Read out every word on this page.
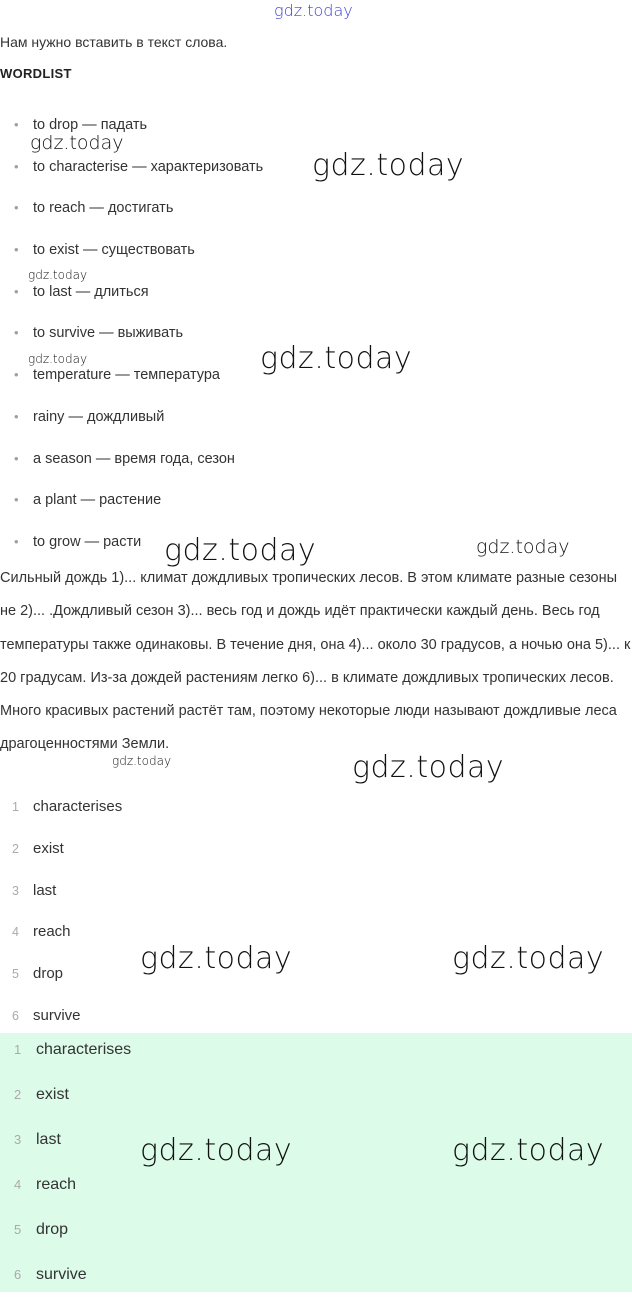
gdz.today
Нам нужно вставить в текст слова.
WORDLIST
• to drop — падать
• to characterise — характеризовать
• to reach — достигать
• to exist — существовать
• to last — длиться
• to survive — выживать
• temperature — температура
• rainy — дождливый
• a season — время года, сезон
• a plant — растение
• to grow — расти

Сильный дождь 1)... климат дождливых тропических лесов. В этом климате разные сезоны не 2)... .Дождливый сезон 3)... весь год и дождь идёт практически каждый день. Весь год температуры также одинаковы. В течение дня, она 4)... около 30 градусов, а ночью она 5)... к 20 градусам. Из-за дождей растениям легко 6)... в климате дождливых тропических лесов. Много красивых растений растёт там, поэтому некоторые люди называют дождливые леса драгоценностями Земли.

1 characterises
2 exist
3 last
4 reach
5 drop
6 survive
1 characterises
2 exist
3 last
4 reach
5 drop
6 survive
gdz.today
gdz.today
gdz.today
gdz.today	gdz.today
gdz.today	gdz.today
gdz.today	gdz.today
gdz.today	gdz.today
gdz.today	gdz.today
